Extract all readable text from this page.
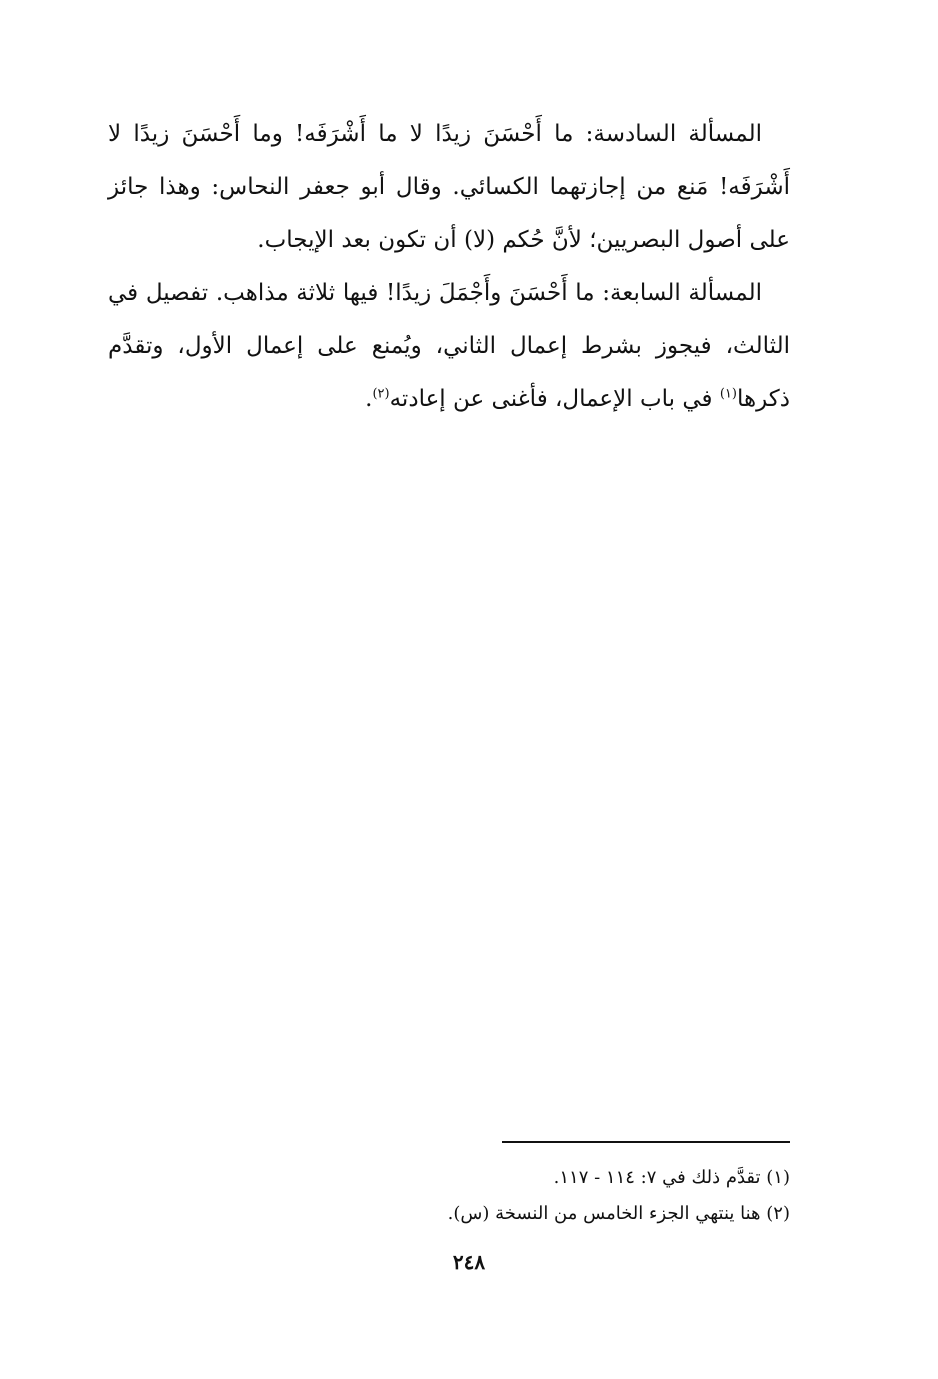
المسألة السادسة: ما أَحْسَنَ زيدًا لا ما أَشْرَفَه! وما أَحْسَنَ زيدًا لا أَشْرَفَه! مَنع من إجازتهما الكسائي. وقال أبو جعفر النحاس: وهذا جائز على أصول البصريين؛ لأنَّ حُكم (لا) أن تكون بعد الإيجاب.

المسألة السابعة: ما أَحْسَنَ وأَجْمَلَ زيدًا! فيها ثلاثة مذاهب. تفصيل في الثالث، فيجوز بشرط إعمال الثاني، ويُمنع على إعمال الأول، وتقدَّم ذكرها$^{(١)}$ في باب الإعمال، فأغنى عن إعادته$^{(٢)}$.

(١) تقدَّم ذلك في ٧: ١١٤ - ١١٧.

(٢) هنا ينتهي الجزء الخامس من النسخة (س).

٢٤٨
